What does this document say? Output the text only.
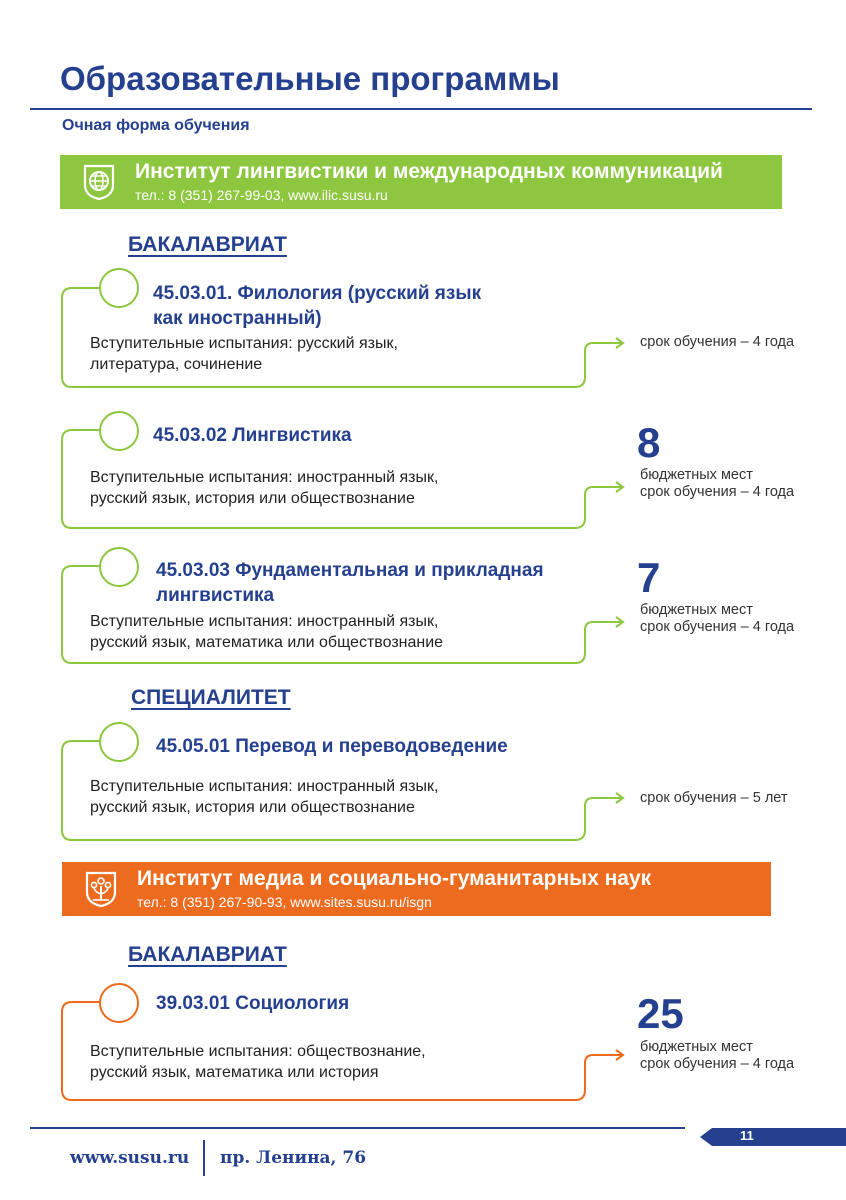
Образовательные программы
Очная форма обучения
Институт лингвистики и международных коммуникаций
тел.: 8 (351) 267-99-03, www.ilic.susu.ru
БАКАЛАВРИАТ
45.03.01. Филология (русский язык
как иностранный)
Вступительные испытания: русский язык,
литература, сочинение
срок обучения – 4 года
45.03.02 Лингвистика
Вступительные испытания: иностранный язык,
русский язык, история или обществознание
8
бюджетных мест
срок обучения – 4 года
45.03.03 Фундаментальная и прикладная
лингвистика
Вступительные испытания: иностранный язык,
русский язык, математика или обществознание
7
бюджетных мест
срок обучения – 4 года
СПЕЦИАЛИТЕТ
45.05.01 Перевод и переводоведение
Вступительные испытания: иностранный язык,
русский язык, история или обществознание
срок обучения – 5 лет
Институт медиа и социально-гуманитарных наук
тел.: 8 (351) 267-90-93, www.sites.susu.ru/isgn
БАКАЛАВРИАТ
39.03.01 Социология
Вступительные испытания: обществознание,
русский язык, математика или история
25
бюджетных мест
срок обучения – 4 года
11
www.susu.ru пр. Ленина, 76
